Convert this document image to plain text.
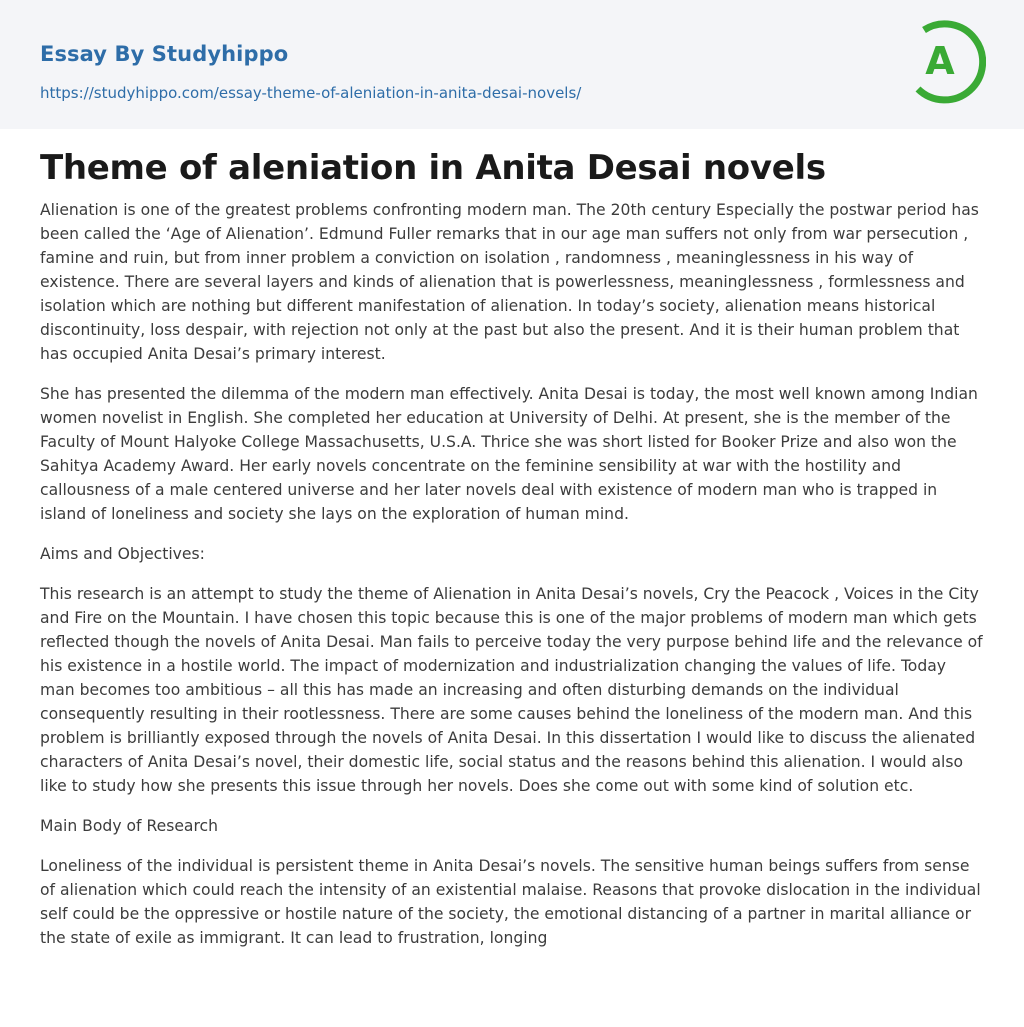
Essay By Studyhippo
https://studyhippo.com/essay-theme-of-aleniation-in-anita-desai-novels/
A
Theme of aleniation in Anita Desai novels

Alienation is one of the greatest problems confronting modern man. The 20th century Especially the postwar period has been called the ‘Age of Alienation’. Edmund Fuller remarks that in our age man suffers not only from war persecution , famine and ruin, but from inner problem a conviction on isolation , randomness , meaninglessness in his way of existence. There are several layers and kinds of alienation that is powerlessness, meaninglessness , formlessness and isolation which are nothing but different manifestation of alienation. In today’s society, alienation means historical discontinuity, loss despair, with rejection not only at the past but also the present. And it is their human problem that has occupied Anita Desai’s primary interest.

She has presented the dilemma of the modern man effectively. Anita Desai is today, the most well known among Indian women novelist in English. She completed her education at University of Delhi. At present, she is the member of the Faculty of Mount Halyoke College Massachusetts, U.S.A. Thrice she was short listed for Booker Prize and also won the Sahitya Academy Award. Her early novels concentrate on the feminine sensibility at war with the hostility and callousness of a male centered universe and her later novels deal with existence of modern man who is trapped in island of loneliness and society she lays on the exploration of human mind.

Aims and Objectives:

This research is an attempt to study the theme of Alienation in Anita Desai’s novels, Cry the Peacock , Voices in the City and Fire on the Mountain. I have chosen this topic because this is one of the major problems of modern man which gets reflected though the novels of Anita Desai. Man fails to perceive today the very purpose behind life and the relevance of his existence in a hostile world. The impact of modernization and industrialization changing the values of life. Today man becomes too ambitious – all this has made an increasing and often disturbing demands on the individual consequently resulting in their rootlessness. There are some causes behind the loneliness of the modern man. And this problem is brilliantly exposed through the novels of Anita Desai. In this dissertation I would like to discuss the alienated characters of Anita Desai’s novel, their domestic life, social status and the reasons behind this alienation. I would also like to study how she presents this issue through her novels. Does she come out with some kind of solution etc.

Main Body of Research

Loneliness of the individual is persistent theme in Anita Desai’s novels. The sensitive human beings suffers from sense of alienation which could reach the intensity of an existential malaise. Reasons that provoke dislocation in the individual self could be the oppressive or hostile nature of the society, the emotional distancing of a partner in marital alliance or the state of exile as immigrant. It can lead to frustration, longing
